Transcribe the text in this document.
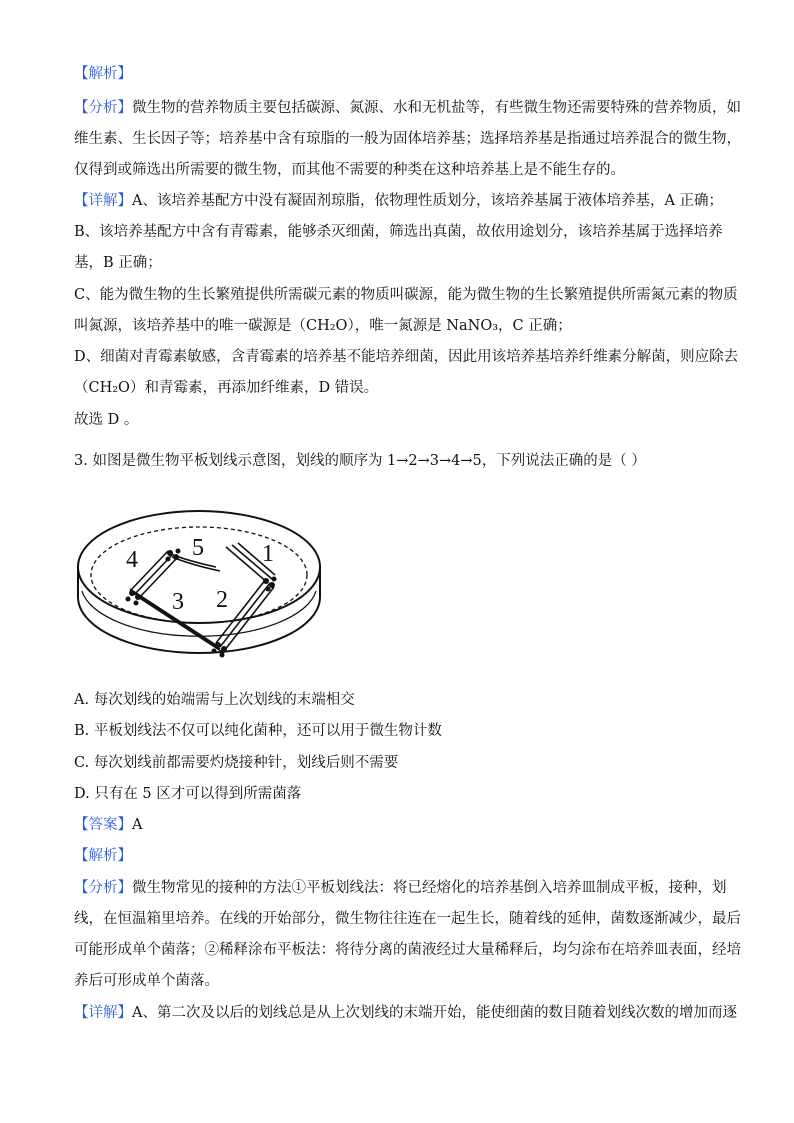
【解析】
【分析】微生物的营养物质主要包括碳源、氮源、水和无机盐等，有些微生物还需要特殊的营养物质，如
维生素、生长因子等；培养基中含有琼脂的一般为固体培养基；选择培养基是指通过培养混合的微生物，
仅得到或筛选出所需要的微生物，而其他不需要的种类在这种培养基上是不能生存的。
【详解】A、该培养基配方中没有凝固剂琼脂，依物理性质划分，该培养基属于液体培养基，A 正确；
B、该培养基配方中含有青霉素，能够杀灭细菌，筛选出真菌，故依用途划分，该培养基属于选择培养
基，B 正确；
C、能为微生物的生长繁殖提供所需碳元素的物质叫碳源，能为微生物的生长繁殖提供所需氮元素的物质
叫氮源，该培养基中的唯一碳源是（CH₂O），唯一氮源是 NaNO₃，C 正确；
D、细菌对青霉素敏感，含青霉素的培养基不能培养细菌，因此用该培养基培养纤维素分解菌，则应除去
（CH₂O）和青霉素，再添加纤维素，D 错误。
故选 D 。
3. 如图是微生物平板划线示意图，划线的顺序为 1→2→3→4→5，下列说法正确的是（ ）
1
2
3
4 5
A. 每次划线的始端需与上次划线的末端相交
B. 平板划线法不仅可以纯化菌种，还可以用于微生物计数
C. 每次划线前都需要灼烧接种针，划线后则不需要
D. 只有在 5 区才可以得到所需菌落
【答案】A
【解析】
【分析】微生物常见的接种的方法①平板划线法：将已经熔化的培养基倒入培养皿制成平板，接种，划
线，在恒温箱里培养。在线的开始部分，微生物往往连在一起生长，随着线的延伸，菌数逐渐减少，最后
可能形成单个菌落；②稀释涂布平板法：将待分离的菌液经过大量稀释后，均匀涂布在培养皿表面，经培
养后可形成单个菌落。
【详解】A、第二次及以后的划线总是从上次划线的末端开始，能使细菌的数目随着划线次数的增加而逐
